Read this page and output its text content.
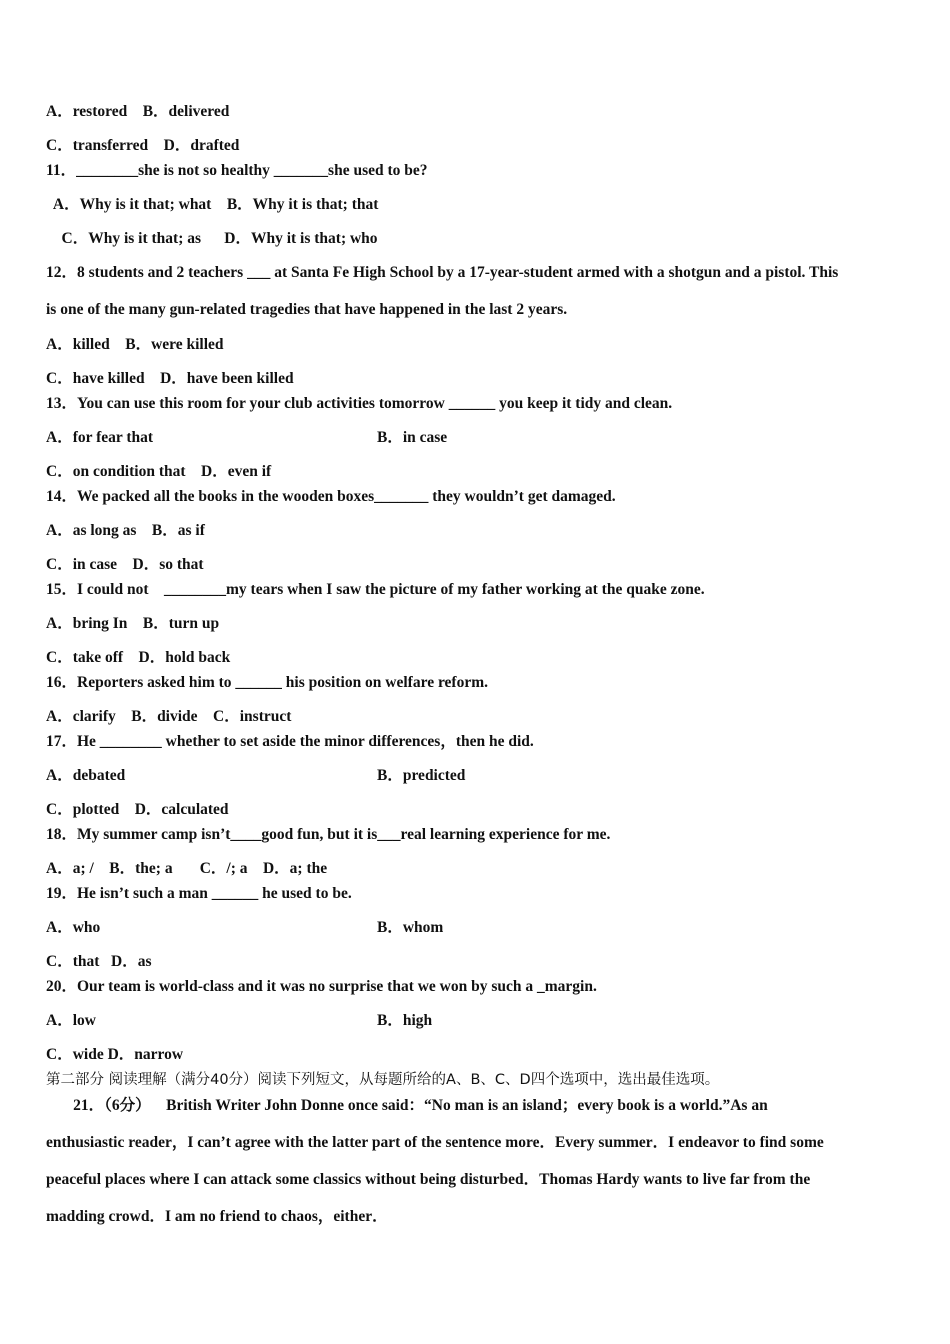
A．restored    B．delivered
C．transferred    D．drafted
11．________she is not so healthy _______she used to be?
A．Why is it that; what    B．Why it is that; that
C．Why is it that; as      D．Why it is that; who
12．8 students and 2 teachers ___ at Santa Fe High School by a 17-year-student armed with a shotgun and a pistol. This
is one of the many gun-related tragedies that have happened in the last 2 years.
A．killed    B．were killed
C．have killed    D．have been killed
13．You can use this room for your club activities tomorrow ______ you keep it tidy and clean.
A．for fear that	B．in case
C．on condition that    D．even if
14．We packed all the books in the wooden boxes_______ they wouldn’t get damaged.
A．as long as    B．as if
C．in case    D．so that
15．I could not    ________my tears when I saw the picture of my father working at the quake zone.
A．bring In    B．turn up
C．take off    D．hold back
16．Reporters asked him to ______ his position on welfare reform.
A．clarify    B．divide    C．instruct
17．He ________ whether to set aside the minor differences，then he did.
A．debated	B．predicted
C．plotted    D．calculated
18．My summer camp isn’t____good fun, but it is___real learning experience for me.
A．a; /    B．the; a       C．/; a    D．a; the
19．He isn’t such a man ______ he used to be.
A．who	B．whom
C．that   D．as
20．Our team is world-class and it was no surprise that we won by such a _margin.
A．low	B．high
C．wide D．narrow
第二部分 阅读理解（满分40分）阅读下列短文，从每题所给的A、B、C、D四个选项中，选出最佳选项。
21．（6分）    British Writer John Donne once said：“No man is an island；every book is a world.”As an
enthusiastic reader，I can’t agree with the latter part of the sentence more．Every summer．I endeavor to find some
peaceful places where I can attack some classics without being disturbed．Thomas Hardy wants to live far from the
madding crowd．I am no friend to chaos，either．
